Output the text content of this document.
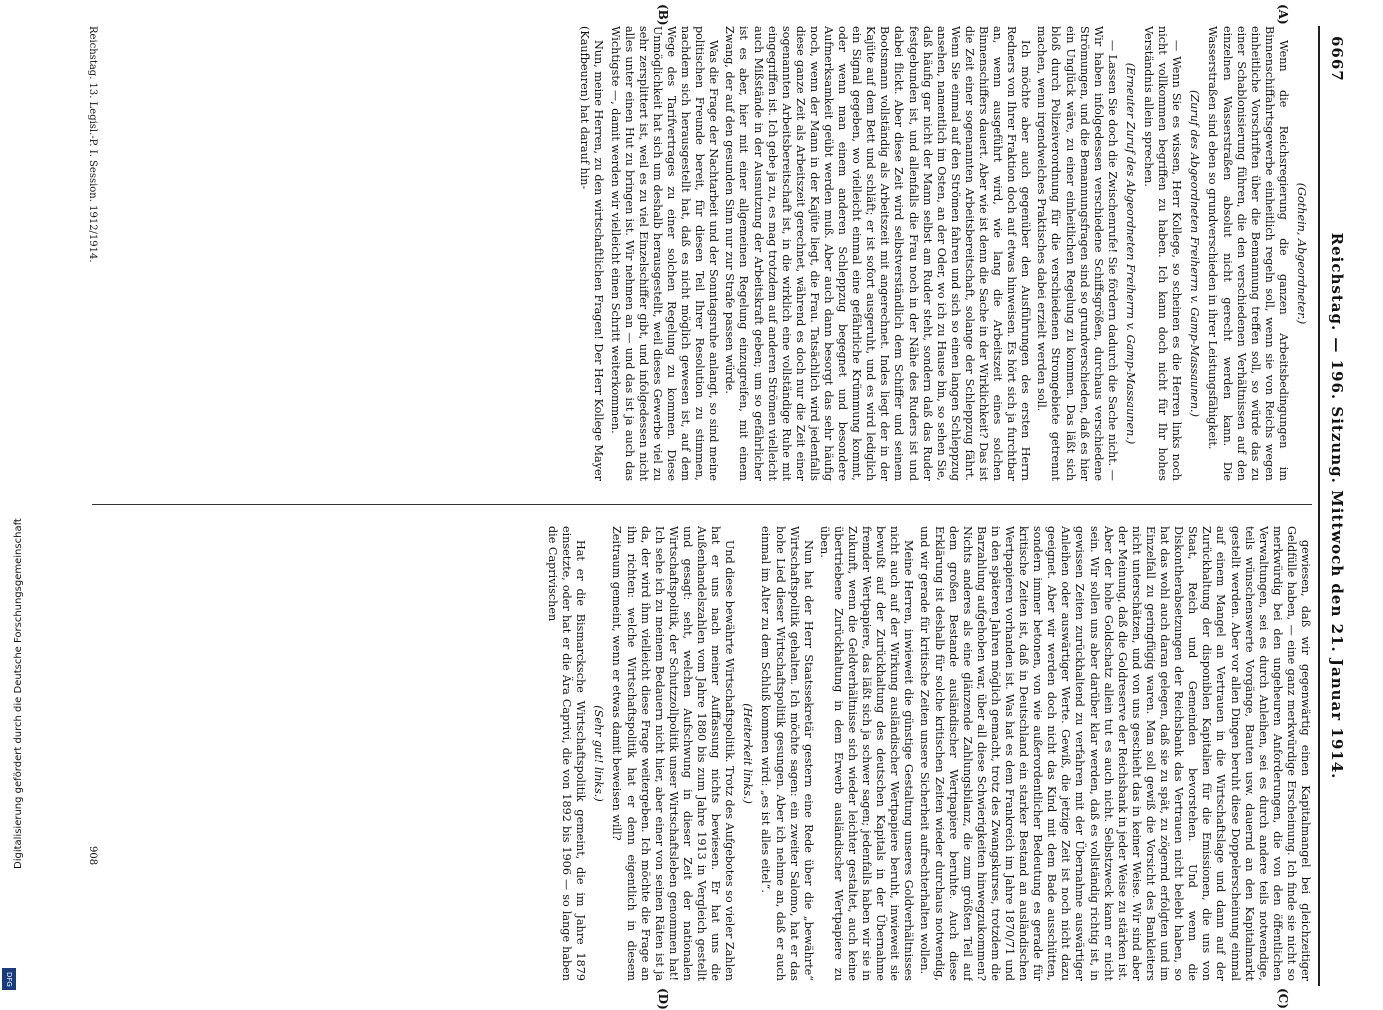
Digitalisierung gefördert durch die Deutsche Forschungsgemeinschaft
DFG
6667
Reichstag. — 196. Sitzung. Mittwoch den 21. Januar 1914.

(Gothein, Abgeordneter.)

Wenn die Reichsregierung die ganzen Arbeitsbedingungen im Binnenschiffahrtsgewerbe einheitlich regeln soll, wenn sie von Reichs wegen einheitliche Vorschriften über die Bemannung treffen soll, so würde das zu einer Schablonisierung führen, die den verschiedenen Verhältnissen auf den einzelnen Wasserstraßen absolut nicht gerecht werden kann. Die Wasserstraßen sind eben so grundverschieden in ihrer Leistungsfähigkeit.

(Zuruf des Abgeordneten Freiherrn v. Gamp-Massaunen.)

— Wenn Sie es wissen, Herr Kollege, so scheinen es die Herren links noch nicht vollkommen begriffen zu haben. Ich kann doch nicht für Ihr hohes Verständnis allein sprechen.

(Erneuter Zuruf des Abgeordneten Freiherrn v. Gamp-Massaunen.)

— Lassen Sie doch die Zwischenrufe! Sie fördern dadurch die Sache nicht. — Wir haben infolgedessen verschiedene Schiffsgrößen, durchaus verschiedene Strömungen, und die Bemannungsfragen sind so grundverschieden, daß es hier ein Unglück wäre, zu einer einheitlichen Regelung zu kommen. Das läßt sich bloß durch Polizeiverordnung für die verschiedenen Stromgebiete getrennt machen, wenn irgendwelches Praktisches dabei erzielt werden soll.

Ich möchte aber auch gegenüber den Ausführungen des ersten Herrn Redners von Ihrer Fraktion doch auf etwas hinweisen. Es hört sich ja furchtbar an, wenn ausgeführt wird, wie lang die Arbeitszeit eines solchen Binnenschiffers dauert. Aber wie ist denn die Sache in der Wirklichkeit? Das ist die Zeit einer sogenannten Arbeitsbereitschaft, solange der Schleppzug fährt. Wenn Sie einmal auf den Strömen fahren und sich so einen langen Schleppzug ansehen, namentlich im Osten, an der Oder, wo ich zu Hause bin, so sehen Sie, daß häufig gar nicht der Mann selbst am Ruder steht, sondern daß das Ruder festgebunden ist, und allenfalls die Frau noch in der Nähe des Ruders ist und dabei flickt. Aber diese Zeit wird selbstverständlich dem Schiffer und seinem Bootsmann vollständig als Arbeitszeit mit angerechnet. Indes liegt der in der Kajüte auf dem Bett und schläft; er ist sofort ausgeruht, und es wird lediglich ein Signal gegeben, wo vielleicht einmal eine gefährliche Krümmung kommt, oder wenn man einem anderen Schleppzug begegnet und besondere Aufmerksamkeit geübt werden muß. Aber auch dann besorgt das sehr häufig noch, wenn der Mann in der Kajüte liegt, die Frau. Tatsächlich wird jedenfalls diese ganze Zeit als Arbeitszeit gerechnet, während es doch nur die Zeit einer sogenannten Arbeitsbereitschaft ist, in die wirklich eine vollständige Ruhe mit eingegriffen ist. Ich gebe ja zu, es mag trotzdem auf anderen Strömen vielleicht auch Mißstände in der Ausnutzung der Arbeitskraft geben; um so gefährlicher ist es aber, hier mit einer allgemeinen Regelung einzugreifen, mit einem Zwang, der auf den gesunden Sinn nur zur Strafe passen würde.

Was die Frage der Nachtarbeit und der Sonntagsruhe anlangt, so sind meine politischen Freunde bereit, für diesen Teil Ihrer Resolution zu stimmen, nachdem sich herausgestellt hat, daß es nicht möglich gewesen ist, auf dem Wege des Tarifvertrages zu einer solchen Regelung zu kommen. Diese Unmöglichkeit hat sich um deshalb herausgestellt, weil dieses Gewerbe viel zu sehr zersplittert ist, weil es zu viel Einzelschiffer gibt, und infolgedessen nicht alles unter einen Hut zu bringen ist. Wir nehmen an — und das ist ja auch das Wichtigste —, damit werden wir vielleicht einen Schritt weiterkommen.

Nun, meine Herren, zu den wirtschaftlichen Fragen! Der Herr Kollege Mayer (Kaufbeuren) hat darauf hin-

gewiesen, daß wir gegenwärtig einen Kapitalmangel bei gleichzeitiger Geldfülle haben, — eine ganz merkwürdige Erscheinung. Ich finde sie nicht so merkwürdig bei den ungeheuren Anforderungen, die von den öffentlichen Verwaltungen, sei es durch Anleihen, sei es durch andere teils notwendige, teils wünschenswerte Vorgänge, Bauten usw. dauernd an den Kapitalmarkt gestellt werden. Aber vor allen Dingen beruht diese Doppelerscheinung einmal auf einem Mangel an Vertrauen in die Wirtschaftslage und dann auf der Zurückhaltung der disponiblen Kapitalien für die Emissionen, die uns von Staat, Reich und Gemeinden bevorstehen. Und wenn die Diskontherabsetzungen der Reichsbank das Vertrauen nicht belebt haben, so hat das wohl auch daran gelegen, daß sie zu spät, zu zögernd erfolgten und im Einzelfall zu geringfügig waren. Man soll gewiß die Vorsicht des Bankleiters nicht unterschätzen, und von uns geschieht das in keiner Weise. Wir sind aber der Meinung, daß die Goldreserve der Reichsbank in jeder Weise zu stärken ist. Aber der hohe Goldschatz allein tut es auch nicht. Selbstzweck kann er nicht sein. Wir sollen uns aber darüber klar werden, daß es vollständig richtig ist, in gewissen Zeiten zurückhaltend zu verfahren mit der Übernahme auswärtiger Anleihen oder auswärtiger Werte. Gewiß, die jetzige Zeit ist noch nicht dazu geeignet. Aber wir werden doch nicht das Kind mit dem Bade ausschütten, sondern immer betonen, von wie außerordentlicher Bedeutung es gerade für kritische Zeiten ist, daß in Deutschland ein starker Bestand an ausländischen Wertpapieren vorhanden ist. Was hat es dem Frankreich im Jahre 1870/71 und in den späteren Jahren möglich gemacht, trotz des Zwangskurses, trotzdem die Barzahlung aufgehoben war, über all diese Schwierigkeiten hinwegzukommen? Nichts anderes als eine glänzende Zahlungsbilanz, die zum größten Teil auf dem großen Bestande ausländischer Wertpapiere beruhte. Auch diese Erklärung ist deshalb für solche kritischen Zeiten wieder durchaus notwendig, und wir gerade für kritische Zeiten unsere Sicherheit aufrechterhalten wollen.

Meine Herren, inwieweit die günstige Gestaltung unseres Goldverhältnisses nicht auch auf der Wirkung ausländischer Wertpapiere beruht, inwieweit sie bewußt auf der Zurückhaltung des deutschen Kapitals in der Übernahme fremder Wertpapiere, das läßt sich ja schwer sagen; jedenfalls haben wir sie in Zukunft, wenn die Geldverhältnisse sich wieder leichter gestaltet, auch keine übertriebene Zurückhaltung in dem Erwerb ausländischer Wertpapiere zu üben.

Nun hat der Herr Staatssekretär gestern eine Rede über die „bewährte“ Wirtschaftspolitik gehalten. Ich möchte sagen: ein zweiter Salomo, hat er das hohe Lied dieser Wirtschaftspolitik gesungen. Aber ich nehme an, daß er auch einmal im Alter zu dem Schluß kommen wird: „es ist alles eitel“.

(Heiterkeit links.)

Und diese bewährte Wirtschaftspolitik. Trotz des Aufgebotes so vieler Zahlen hat er uns nach meiner Auffassung nichts bewiesen. Er hat uns die Außenhandelszahlen vom Jahre 1880 bis zum Jahre 1913 in Vergleich gestellt und gesagt: seht, welchen Aufschwung in dieser Zeit der nationalen Wirtschaftspolitik, der Schutzzollpolitik unser Wirtschaftsleben genommen hat! Ich sehe ich zu meinem Bedauern nicht hier, aber einer von seinen Räten ist ja da, der wird ihm vielleicht diese Frage weitergeben. Ich möchte die Frage an ihn richten: welche Wirtschaftspolitik hat er denn eigentlich in diesem Zeitraum gemeint, wenn er etwas damit beweisen will?

(Sehr gut! links.)

Hat er die Bismarcksche Wirtschaftspolitik gemeint, die im Jahre 1879 einsetzte, oder hat er die Ära Caprivi, die von 1892 bis 1906 — so lange haben die Caprivischen

(A)
(B)
(C)
(D)
Reichstag. 13. Legisl.-P. I. Session. 1912/1914.
908
